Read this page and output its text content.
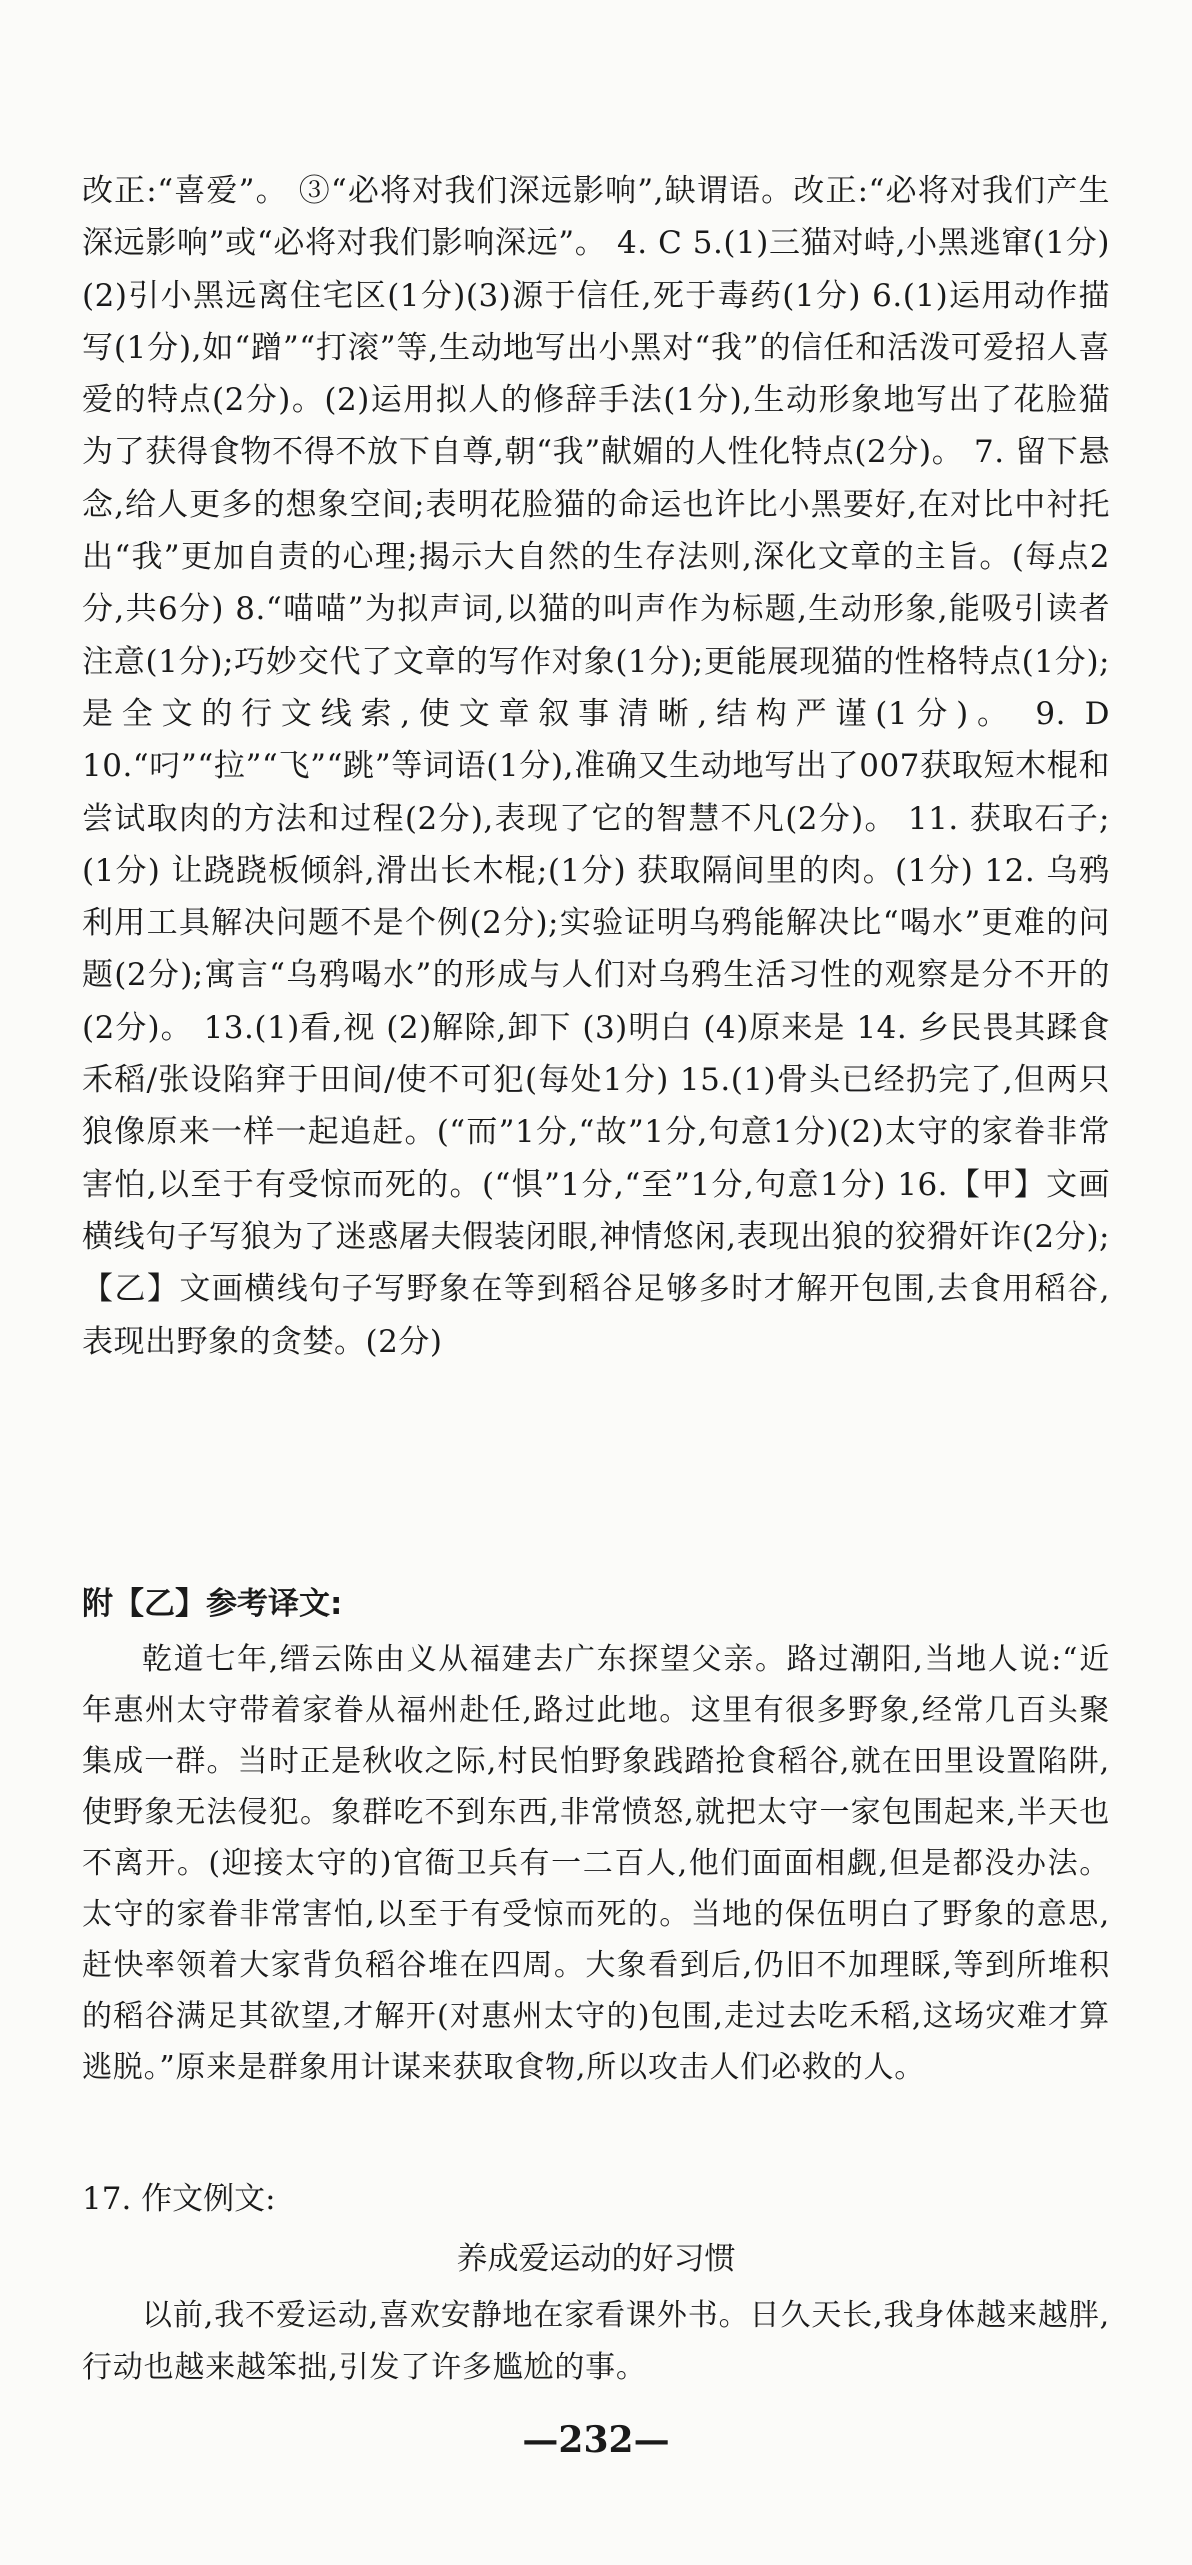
改正:“喜爱”。 ③“必将对我们深远影响”,缺谓语。改正:“必将对我们产生深远影响”或“必将对我们影响深远”。 4. C 5.(1)三猫对峙,小黑逃窜(1分)(2)引小黑远离住宅区(1分)(3)源于信任,死于毒药(1分) 6.(1)运用动作描写(1分),如“蹭”“打滚”等,生动地写出小黑对“我”的信任和活泼可爱招人喜爱的特点(2分)。(2)运用拟人的修辞手法(1分),生动形象地写出了花脸猫为了获得食物不得不放下自尊,朝“我”献媚的人性化特点(2分)。 7. 留下悬念,给人更多的想象空间;表明花脸猫的命运也许比小黑要好,在对比中衬托出“我”更加自责的心理;揭示大自然的生存法则,深化文章的主旨。(每点2分,共6分) 8.“喵喵”为拟声词,以猫的叫声作为标题,生动形象,能吸引读者注意(1分);巧妙交代了文章的写作对象(1分);更能展现猫的性格特点(1分);是全文的行文线索,使文章叙事清晰,结构严谨(1分)。 9. D 10.“叼”“拉”“飞”“跳”等词语(1分),准确又生动地写出了007获取短木棍和尝试取肉的方法和过程(2分),表现了它的智慧不凡(2分)。 11. 获取石子;(1分) 让跷跷板倾斜,滑出长木棍;(1分) 获取隔间里的肉。(1分) 12. 乌鸦利用工具解决问题不是个例(2分);实验证明乌鸦能解决比“喝水”更难的问题(2分);寓言“乌鸦喝水”的形成与人们对乌鸦生活习性的观察是分不开的(2分)。 13.(1)看,视 (2)解除,卸下 (3)明白 (4)原来是 14. 乡民畏其蹂食禾稻/张设陷穽于田间/使不可犯(每处1分) 15.(1)骨头已经扔完了,但两只狼像原来一样一起追赶。(“而”1分,“故”1分,句意1分)(2)太守的家眷非常害怕,以至于有受惊而死的。(“惧”1分,“至”1分,句意1分) 16.【甲】文画横线句子写狼为了迷惑屠夫假装闭眼,神情悠闲,表现出狼的狡猾奸诈(2分);【乙】文画横线句子写野象在等到稻谷足够多时才解开包围,去食用稻谷,表现出野象的贪婪。(2分)
附【乙】参考译文:
乾道七年,缙云陈由义从福建去广东探望父亲。路过潮阳,当地人说:“近年惠州太守带着家眷从福州赴任,路过此地。这里有很多野象,经常几百头聚集成一群。当时正是秋收之际,村民怕野象践踏抢食稻谷,就在田里设置陷阱,使野象无法侵犯。象群吃不到东西,非常愤怒,就把太守一家包围起来,半天也不离开。(迎接太守的)官衙卫兵有一二百人,他们面面相觑,但是都没办法。太守的家眷非常害怕,以至于有受惊而死的。当地的保伍明白了野象的意思,赶快率领着大家背负稻谷堆在四周。大象看到后,仍旧不加理睬,等到所堆积的稻谷满足其欲望,才解开(对惠州太守的)包围,走过去吃禾稻,这场灾难才算逃脱。”原来是群象用计谋来获取食物,所以攻击人们必救的人。
17. 作文例文:
养成爱运动的好习惯
以前,我不爱运动,喜欢安静地在家看课外书。日久天长,我身体越来越胖,行动也越来越笨拙,引发了许多尴尬的事。
—232—
